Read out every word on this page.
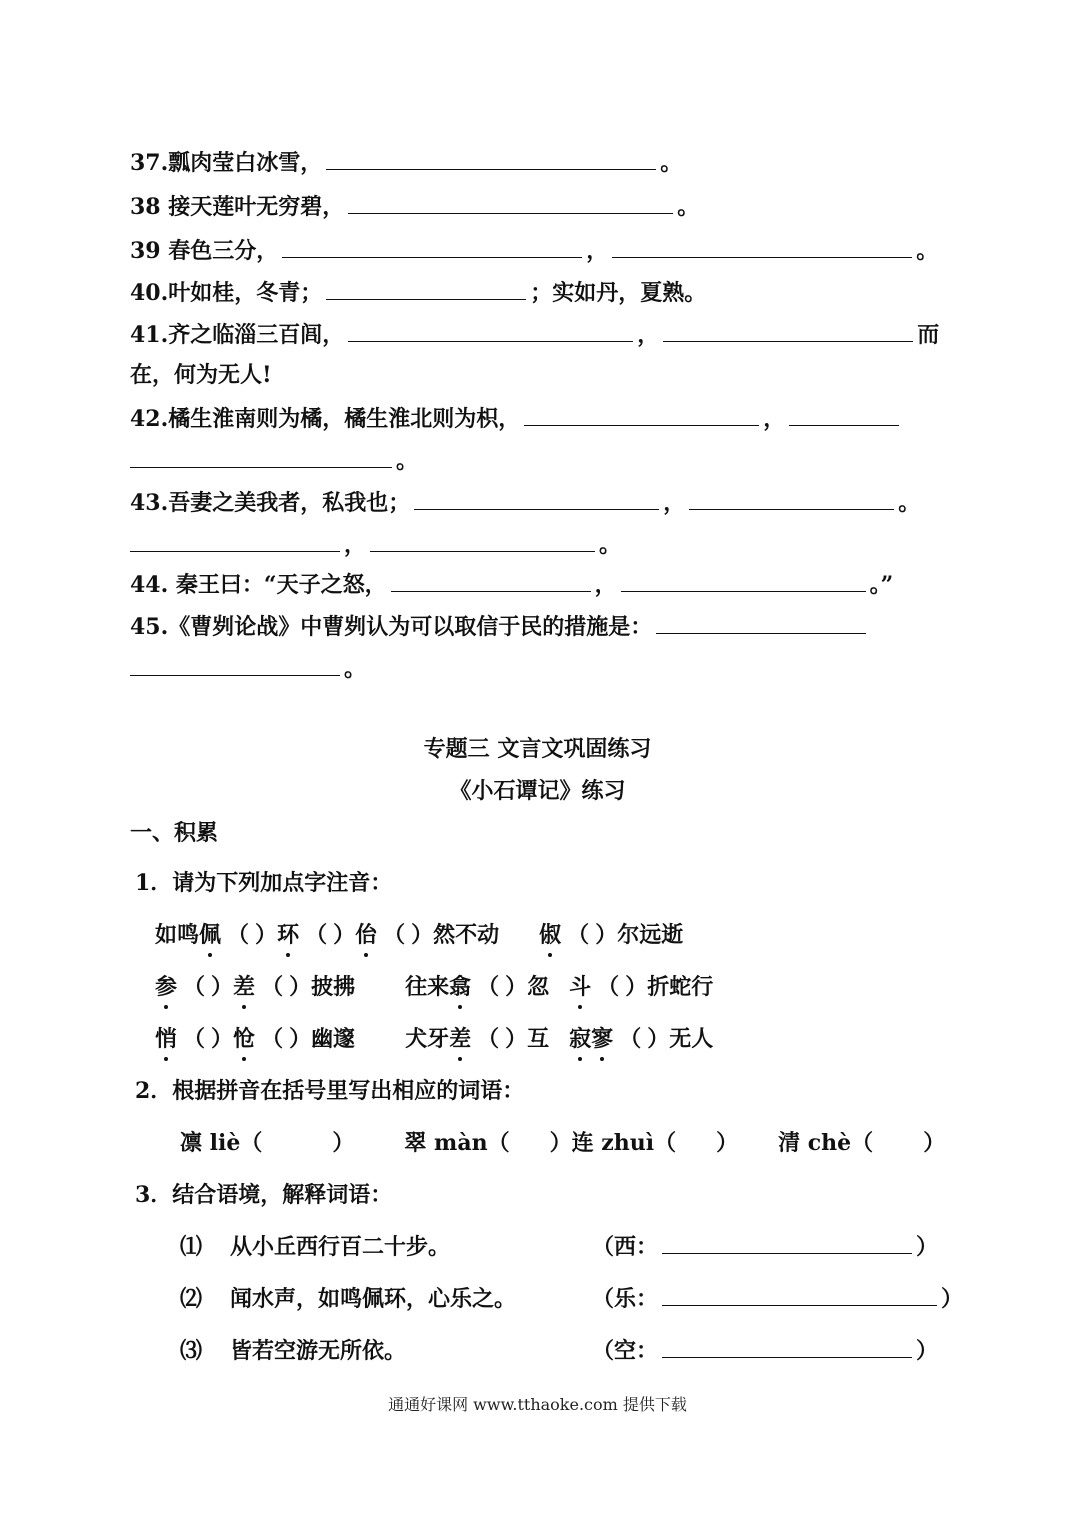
37.瓢肉莹白冰雪，	。
38 接天莲叶无穷碧，	。
39 春色三分，	，	。
40.叶如桂，冬青；	；实如丹，夏熟。
41.齐之临淄三百闾，	，	而
在，何为无人!
42.橘生淮南则为橘，橘生淮北则为枳，	，
。
43.吾妻之美我者，私我也；	，	。
，	。
44. 秦王曰：“天子之怒，	，	。”
45.《曹刿论战》中曹刿认为可以取信于民的措施是：
。
专题三 文言文巩固练习
《小石谭记》练习
一、积累
1．请为下列加点字注音：
如鸣佩 （ ）环 （ ）佁 （ ）然不动 俶 （ ）尔远逝
参 （ ）差 （ ）披拂 往来翕 （ ）忽 斗 （ ）折蛇行
悄 （ ）怆 （ ）幽邃 犬牙差 （ ）互 寂寥 （ ）无人
2．根据拼音在括号里写出相应的词语：
凛 liè（	） 翠 màn（ ）连 zhuì（ ） 清 chè（ ）
3．结合语境，解释词语：
⑴ 从小丘西行百二十步。	（西：	）
⑵ 闻水声，如鸣佩环，心乐之。	（乐：	）
⑶ 皆若空游无所依。	（空：	）
通通好课网 www.tthaoke.com 提供下载
